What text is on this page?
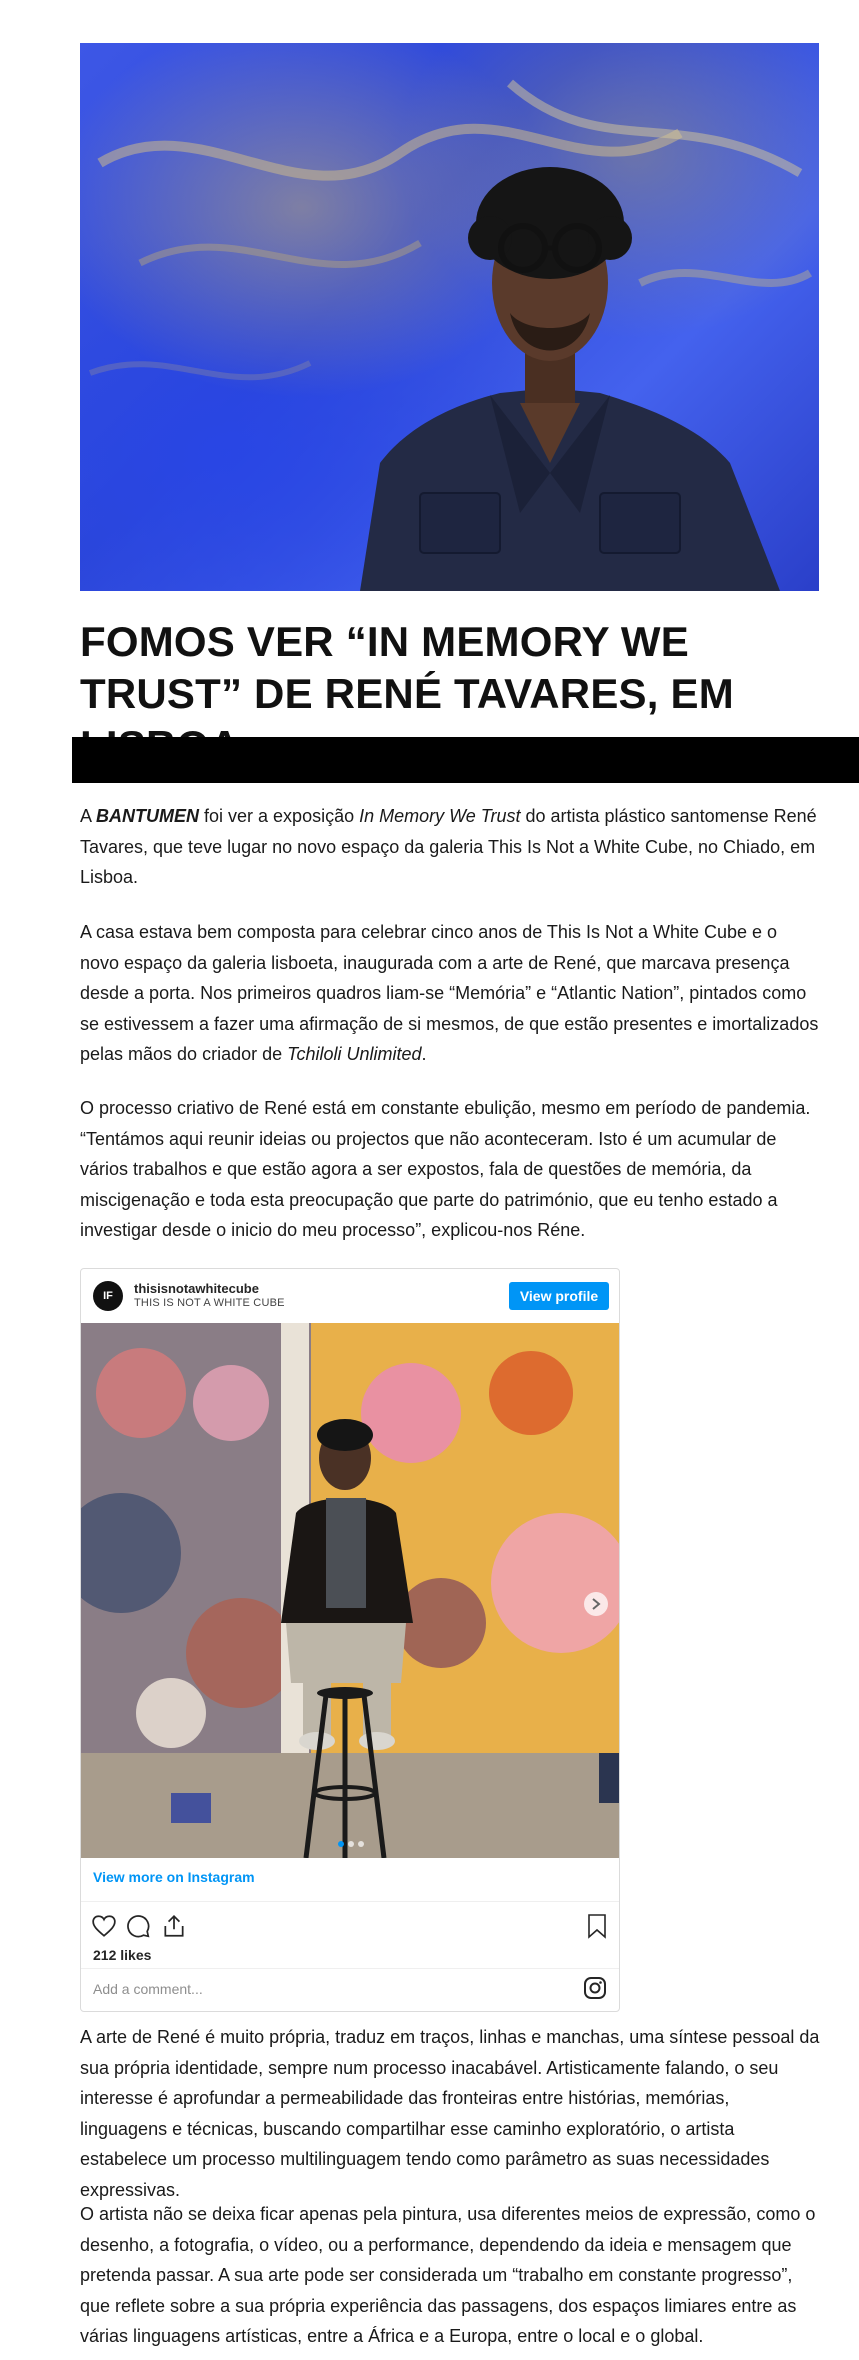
FOMOS VER “IN MEMORY WE TRUST” DE RENÉ TAVARES, EM

A BANTUMEN foi ver a exposição In Memory We Trust do artista plástico santomense René Tavares, que teve lugar no novo espaço da galeria This Is Not a White Cube, no Chiado, em Lisboa.

A casa estava bem composta para celebrar cinco anos de This Is Not a White Cube e o novo espaço da galeria lisboeta, inaugurada com a arte de René, que marcava presença desde a porta. Nos primeiros quadros liam-se “Memória” e “Atlantic Nation”, pintados como se estivessem a fazer uma afirmação de si mesmos, de que estão presentes e imortalizados pelas mãos do criador de Tchiloli Unlimited.

O processo criativo de René está em constante ebulição, mesmo em período de pandemia. “Tentámos aqui reunir ideias ou projectos que não aconteceram. Isto é um acumular de vários trabalhos e que estão agora a ser expostos, fala de questões de memória, da miscigenação e toda esta preocupação que parte do património, que eu tenho estado a investigar desde o inicio do meu processo”, explicou-nos Réne.

IF	thisisnotawhitecube
THIS IS NOT A WHITE CUBE	View profile
View more on Instagram
212 likes
Add a comment...

A arte de René é muito própria, traduz em traços, linhas e manchas, uma síntese pessoal da sua própria identidade, sempre num processo inacabável. Artisticamente falando, o seu interesse é aprofundar a permeabilidade das fronteiras entre histórias, memórias, linguagens e técnicas, buscando compartilhar esse caminho exploratório, o artista estabelece um processo multilinguagem tendo como parâmetro as suas necessidades expressivas.

O artista não se deixa ficar apenas pela pintura, usa diferentes meios de expressão, como o desenho, a fotografia, o vídeo, ou a performance, dependendo da ideia e mensagem que pretenda passar. A sua arte pode ser considerada um “trabalho em constante progresso”, que reflete sobre a sua própria experiência das passagens, dos espaços limiares entre as várias linguagens artísticas, entre a África e a Europa, entre o local e o global.
